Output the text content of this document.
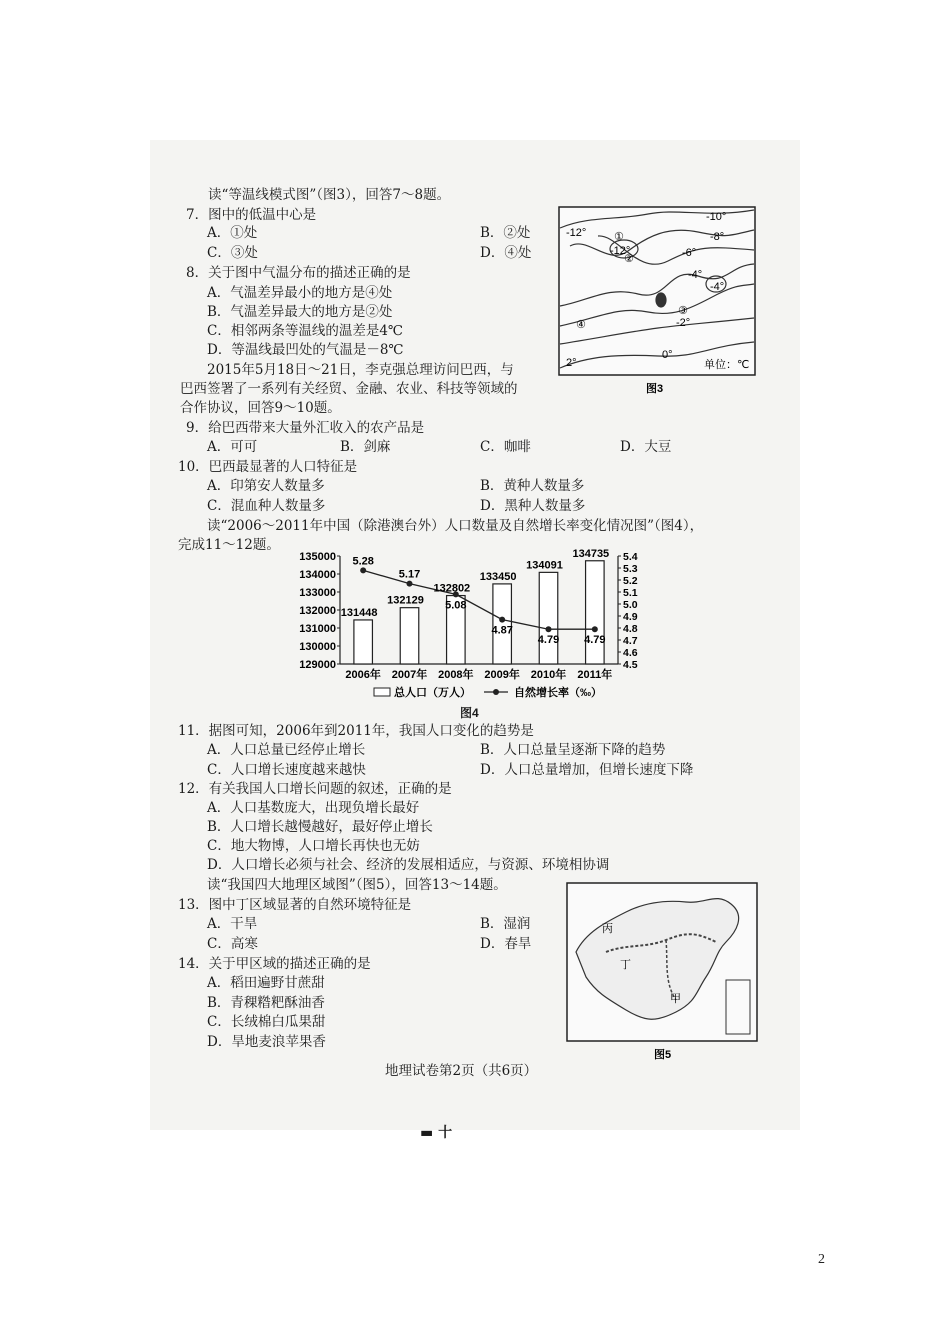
读“等温线模式图”（图3），回答7～8题。
7．图中的低温中心是
A．①处	B．②处
C．③处	D．④处
8．关于图中气温分布的描述正确的是
A．气温差异最小的地方是④处
B．气温差异最大的地方是②处
C．相邻两条等温线的温差是4℃
D．等温线最凹处的气温是－8℃
2015年5月18日～21日，李克强总理访问巴西，与
巴西签署了一系列有关经贸、金融、农业、科技等领域的
合作协议，回答9～10题。
-10°
-8°
-6°
-4°
-4°
-2°
-12°
-12°
0°
2°
①
②
③
④
单位：℃
图3
9．给巴西带来大量外汇收入的农产品是
A．可可	B．剑麻	C．咖啡	D．大豆
10．巴西最显著的人口特征是
A．印第安人数量多	B．黄种人数量多
C．混血种人数量多	D．黑种人数量多
读“2006～2011年中国（除港澳台外）人口数量及自然增长率变化情况图”（图4），
完成11～12题。
135000
134000
133000
132000
131000
130000
129000
5.4
5.3
5.2
5.1
5.0
4.9
4.8
4.7
4.6
4.5
131448
2006年
132129
2007年
132802
2008年
133450
2009年
134091
2010年
134735
2011年
5.28
5.17
5.08
4.87
4.79 4.79
总人口（万人）	自然增长率（‰）
图4
11．据图可知，2006年到2011年，我国人口变化的趋势是
A．人口总量已经停止增长	B．人口总量呈逐渐下降的趋势
C．人口增长速度越来越快	D．人口总量增加，但增长速度下降
12．有关我国人口增长问题的叙述，正确的是
A．人口基数庞大，出现负增长最好
B．人口增长越慢越好，最好停止增长
C．地大物博，人口增长再快也无妨
D．人口增长必须与社会、经济的发展相适应，与资源、环境相协调
读“我国四大地理区域图”（图5），回答13～14题。
13．图中丁区域显著的自然环境特征是
A．干旱	B．湿润
C．高寒	D．春旱
14．关于甲区域的描述正确的是
A．稻田遍野甘蔗甜
B．青稞糌粑酥油香
C．长绒棉白瓜果甜
D．旱地麦浪苹果香
丙
丁
甲
图5
地理试卷第2页（共6页）
▬ 十
2
